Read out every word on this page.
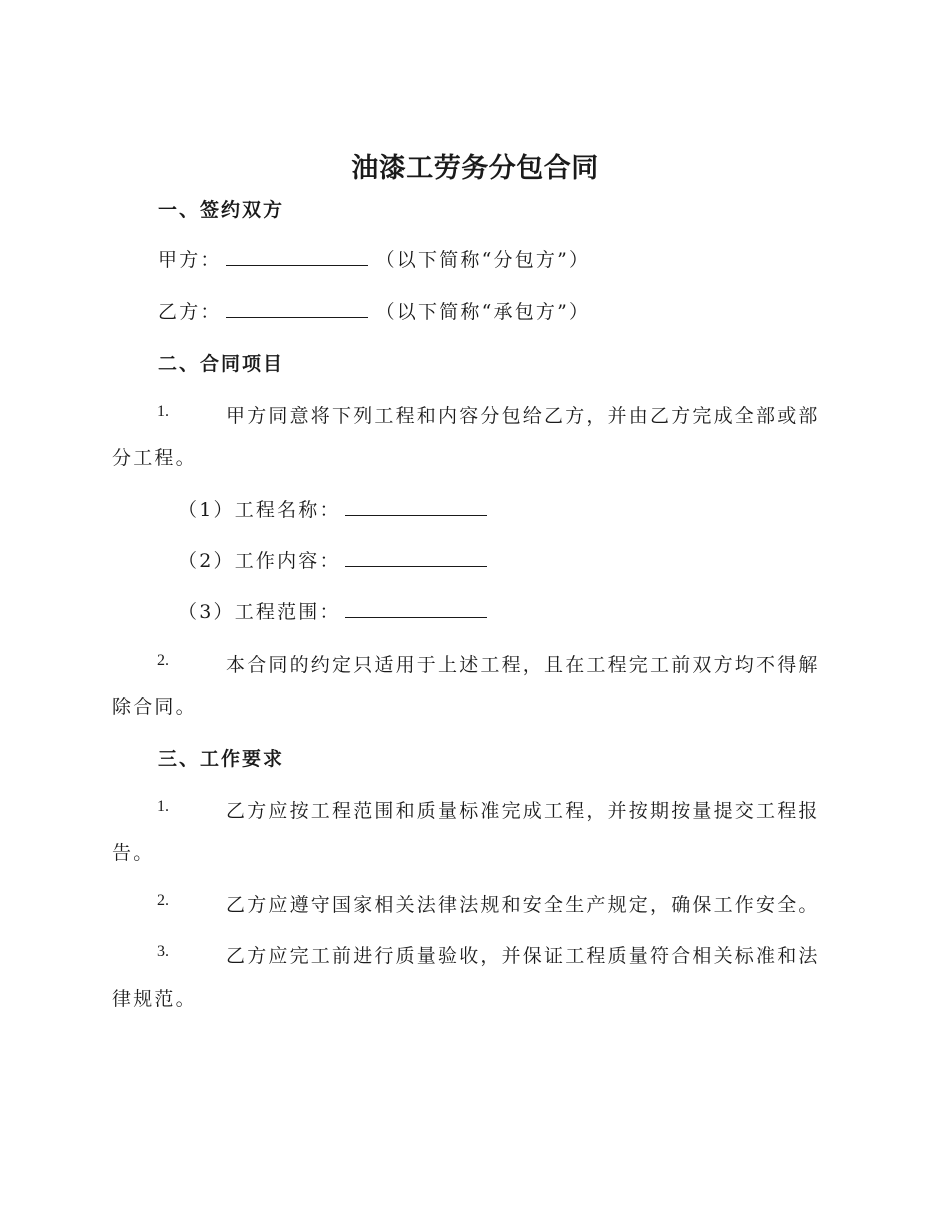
油漆工劳务分包合同
一、签约双方

甲方：	（以下简称“分包方”）

乙方：	（以下简称“承包方”）

二、合同项目
1.	甲方同意将下列工程和内容分包给乙方，并由乙方完成全部或部

分工程。

（1）工程名称：

（2）工作内容：

（3）工程范围：

2.	本合同的约定只适用于上述工程，且在工程完工前双方均不得解

除合同。

三、工作要求
1.	乙方应按工程范围和质量标准完成工程，并按期按量提交工程报

告。

2.	乙方应遵守国家相关法律法规和安全生产规定，确保工作安全。

3.	乙方应完工前进行质量验收，并保证工程质量符合相关标准和法

律规范。
